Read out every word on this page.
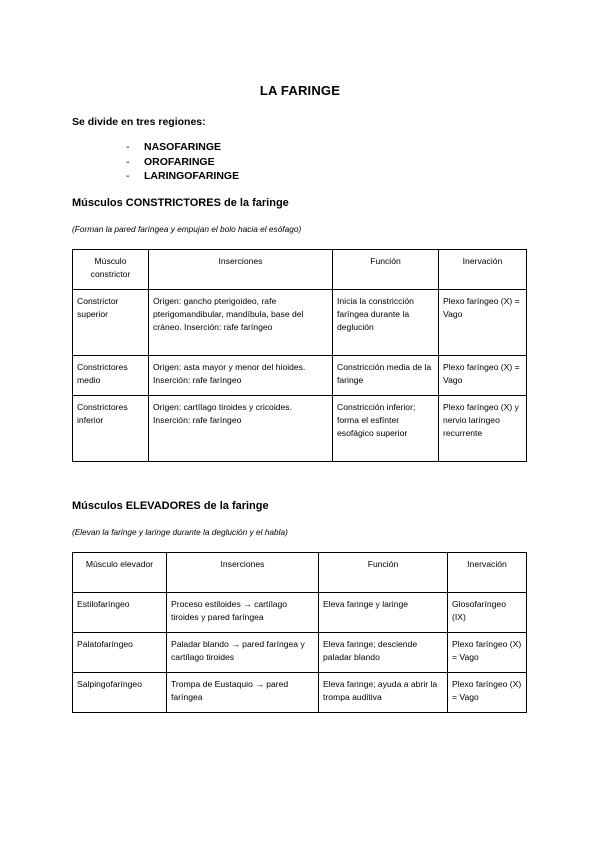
LA FARINGE
Se divide en tres regiones:
- NASOFARINGE
- OROFARINGE
- LARINGOFARINGE
Músculos CONSTRICTORES de la faringe
(Forman la pared faríngea y empujan el bolo hacia el esófago)
Músculo constrictor	Inserciones	Función	Inervación
Constrictor superior	Origen: gancho pterigoideo, rafe pterigomandibular, mandíbula, base del cráneo. Inserción: rafe faríngeo	Inicia la constricción faríngea durante la deglución	Plexo faríngeo (X) = Vago
Constrictores medio	Origen: asta mayor y menor del hioides. Inserción: rafe faríngeo	Constricción media de la faringe	Plexo faríngeo (X) = Vago
Constrictores inferior	Origen: cartílago tiroides y cricoides. Inserción: rafe faríngeo	Constricción inferior; forma el esfínter esofágico superior	Plexo faríngeo (X) y nervio laríngeo recurrente
Músculos ELEVADORES de la faringe
(Elevan la faringe y laringe durante la deglución y el habla)
Músculo elevador	Inserciones	Función	Inervación
Estilofaríngeo	Proceso estiloides → cartílago tiroides y pared faríngea	Eleva faringe y laringe	Glosofaríngeo (IX)
Palatofaríngeo	Paladar blando → pared faríngea y cartílago tiroides	Eleva faringe; desciende paladar blando	Plexo faríngeo (X) = Vago
Salpingofaríngeo	Trompa de Eustaquio → pared faríngea	Eleva faringe; ayuda a abrir la trompa auditiva	Plexo faríngeo (X) = Vago
